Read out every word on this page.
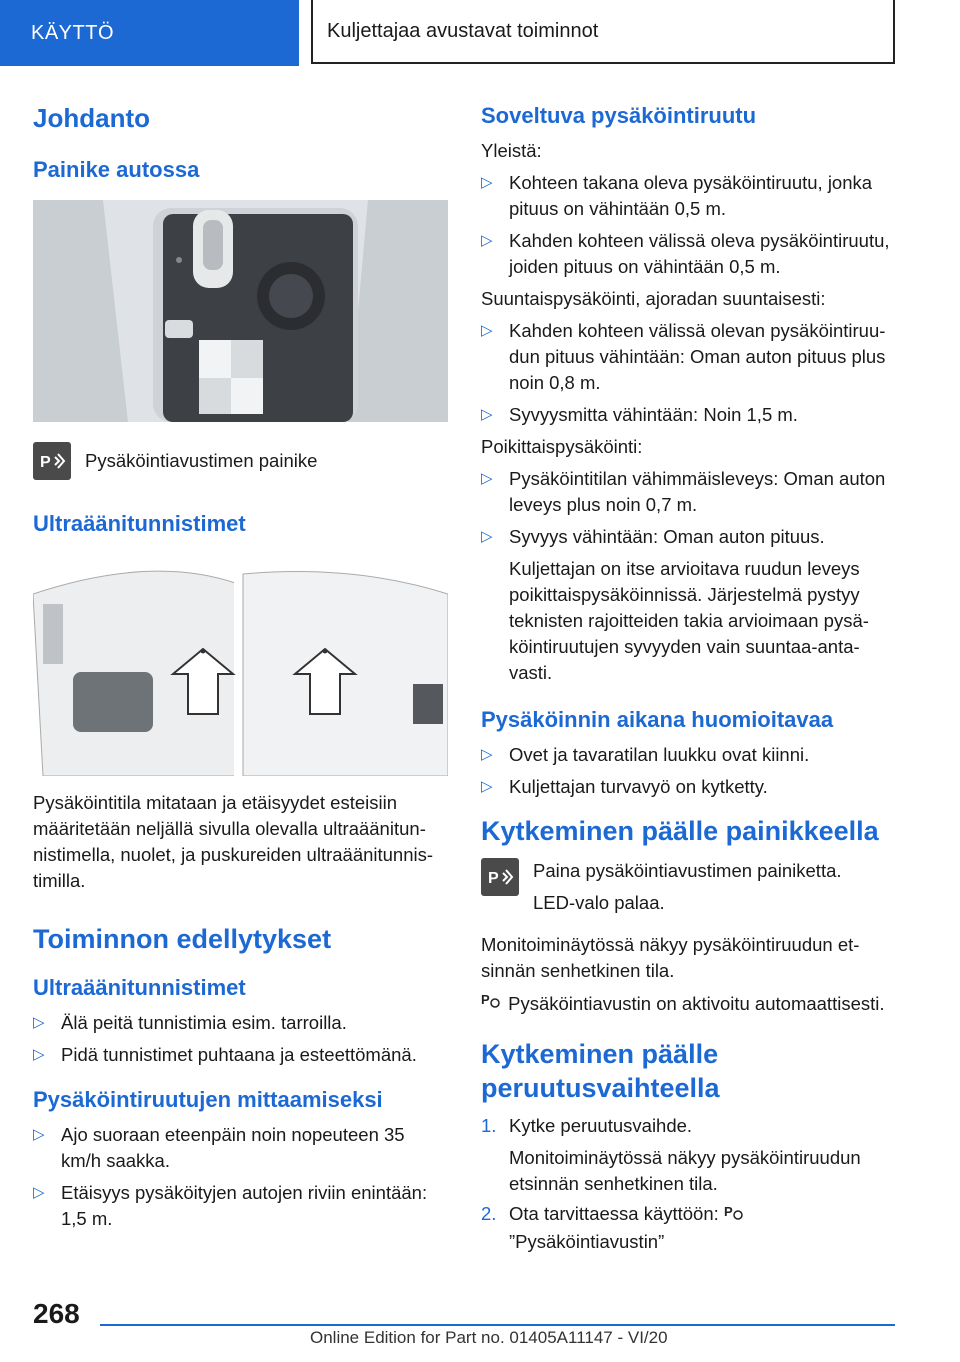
KÄYTTÖ	Kuljettajaa avustavat toiminnot
Johdanto
Painike autossa
P Pysäköintiavustimen painike

Ultraäänitunnistimet

Pysäköintitila mitataan ja etäisyydet esteisiin määritetään neljällä sivulla olevalla ultraäänitunnistimella, nuolet, ja puskureiden ultraäänitunnistimilla.

Toiminnon edellytykset
Ultraäänitunnistimet
▷ Älä peitä tunnistimia esim. tarroilla.
▷ Pidä tunnistimet puhtaana ja esteettömänä.
Pysäköintiruutujen mittaamiseksi
▷ Ajo suoraan eteenpäin noin nopeuteen 35 km/h saakka.
▷ Etäisyys pysäköityjen autojen riviin enintään: 1,5 m.
Soveltuva pysäköintiruutu

Yleistä:

▷ Kohteen takana oleva pysäköintiruutu, jonka pituus on vähintään 0,5 m.
▷ Kahden kohteen välissä oleva pysäköintiruutu, joiden pituus on vähintään 0,5 m.

Suuntaispysäköinti, ajoradan suuntaisesti:

▷ Kahden kohteen välissä olevan pysäköintiruudun pituus vähintään: Oman auton pituus plus noin 0,8 m.
▷ Syvyysmitta vähintään: Noin 1,5 m.

Poikittaispysäköinti:

▷ Pysäköintitilan vähimmäisleveys: Oman auton leveys plus noin 0,7 m.
▷ Syvyys vähintään: Oman auton pituus.

Kuljettajan on itse arvioitava ruudun leveys poikittaispysäköinnissä. Järjestelmä pystyy teknisten rajoitteiden takia arvioimaan pysäköintiruutujen syvyyden vain suuntaa-antavasti.

Pysäköinnin aikana huomioitavaa
▷ Ovet ja tavaratilan luukku ovat kiinni.
▷ Kuljettajan turvavyö on kytketty.
Kytkeminen päälle painikkeella
P Paina pysäköintiavustimen painiketta.

LED-valo palaa.

Monitoiminäytössä näkyy pysäköintiruudun etsinnän senhetkinen tila.

P Pysäköintiavustin on aktivoitu automaattisesti.

Kytkeminen päälle
peruutusvaihteella
1. Kytke peruutusvaihde.

Monitoiminäytössä näkyy pysäköintiruudun etsinnän senhetkinen tila.

2. Ota tarvittaessa käyttöön: P

”Pysäköintiavustin”

268
Online Edition for Part no. 01405A11147 - VI/20
